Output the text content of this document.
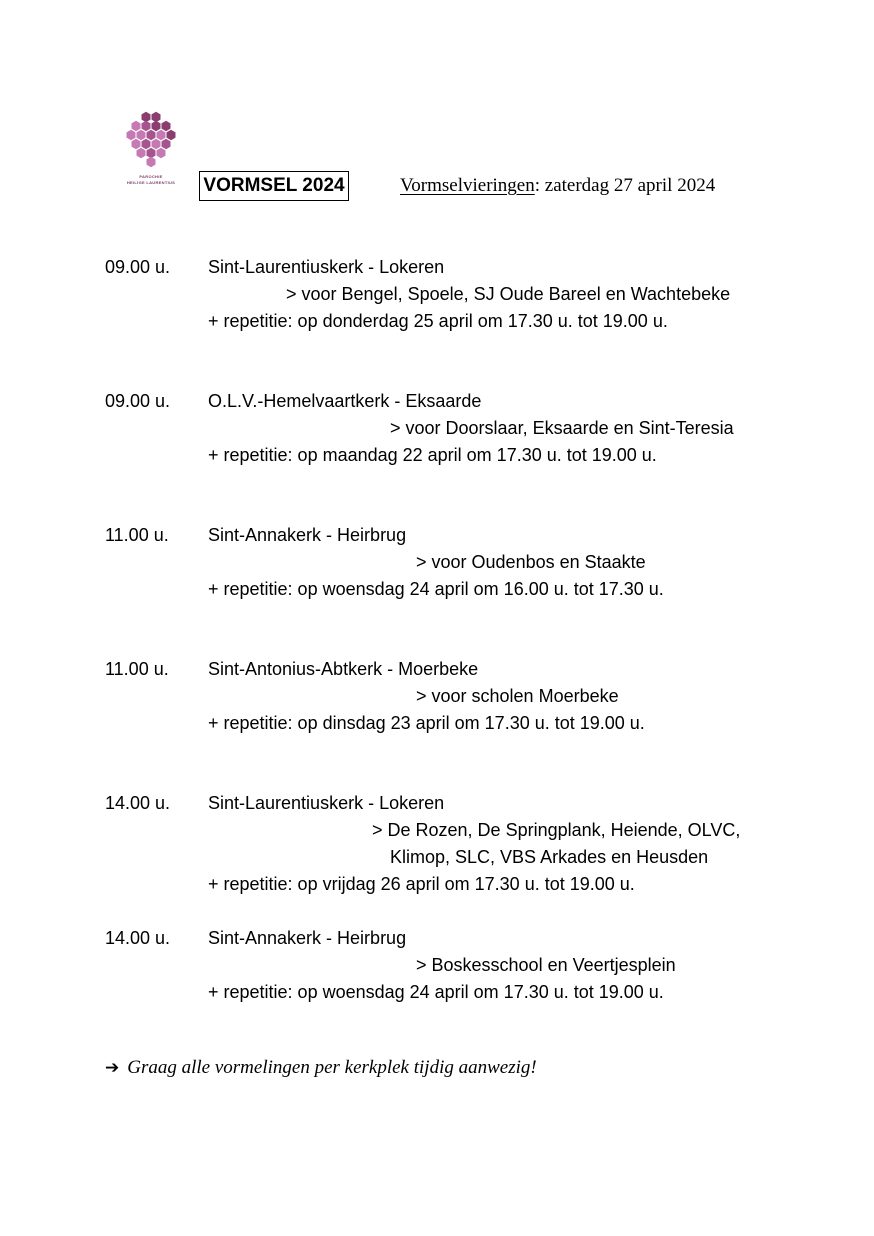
PAROCHIE
HEILIGE LAURENTIUS	VORMSEL 2024	Vormselvieringen: zaterdag 27 april 2024
09.00 u. Sint-Laurentiuskerk - Lokeren
> voor Bengel, Spoele, SJ Oude Bareel en Wachtebeke
+ repetitie: op donderdag 25 april om 17.30 u. tot 19.00 u.
09.00 u. O.L.V.-Hemelvaartkerk - Eksaarde
> voor Doorslaar, Eksaarde en Sint-Teresia
+ repetitie: op maandag 22 april om 17.30 u. tot 19.00 u.
11.00 u. Sint-Annakerk - Heirbrug
> voor Oudenbos en Staakte
+ repetitie: op woensdag 24 april om 16.00 u. tot 17.30 u.
11.00 u. Sint-Antonius-Abtkerk - Moerbeke
> voor scholen Moerbeke
+ repetitie: op dinsdag 23 april om 17.30 u. tot 19.00 u.
14.00 u. Sint-Laurentiuskerk - Lokeren
> De Rozen, De Springplank, Heiende, OLVC,
Klimop, SLC, VBS Arkades en Heusden
+ repetitie: op vrijdag 26 april om 17.30 u. tot 19.00 u.
14.00 u. Sint-Annakerk - Heirbrug
> Boskesschool en Veertjesplein
+ repetitie: op woensdag 24 april om 17.30 u. tot 19.00 u.
➔ Graag alle vormelingen per kerkplek tijdig aanwezig!
